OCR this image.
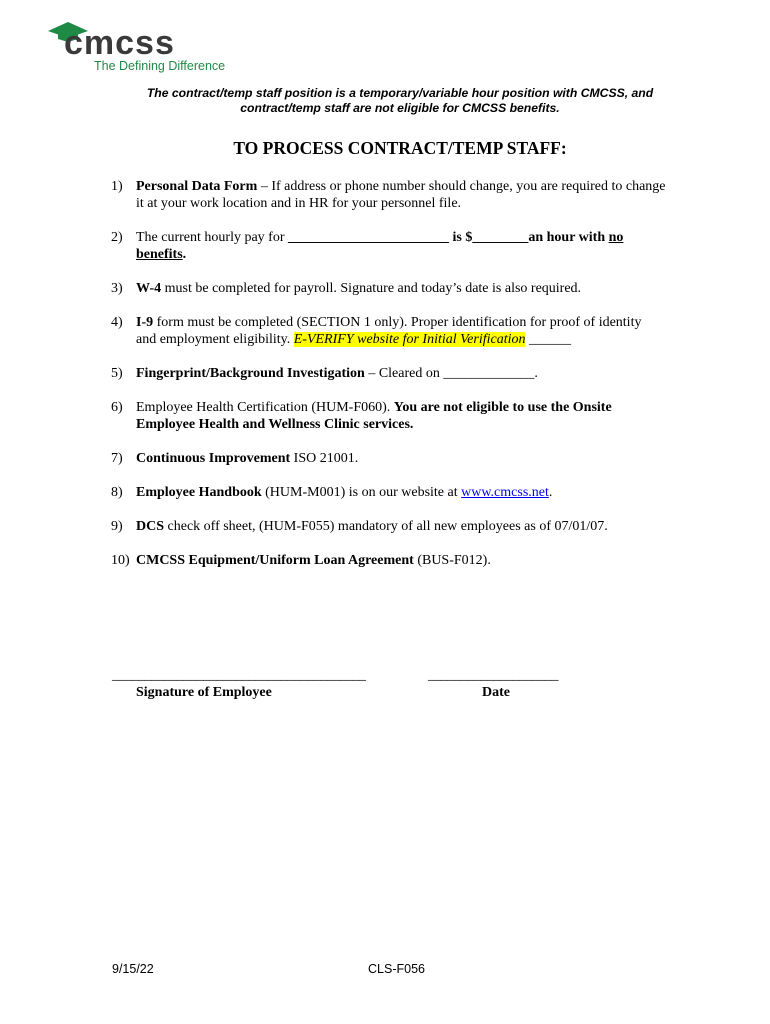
cmcss
The Defining Difference
The contract/temp staff position is a temporary/variable hour position with CMCSS, and
contract/temp staff are not eligible for CMCSS benefits.
TO PROCESS CONTRACT/TEMP STAFF:
1) Personal Data Form – If address or phone number should change, you are required to change
it at your work location and in HR for your personnel file.
2) The current hourly pay for _______________________ is $________an hour with no
benefits.
3) W-4 must be completed for payroll. Signature and today’s date is also required.
4) I-9 form must be completed (SECTION 1 only). Proper identification for proof of identity
and employment eligibility. E-VERIFY website for Initial Verification ______
5) Fingerprint/Background Investigation – Cleared on _____________.
6) Employee Health Certification (HUM-F060). You are not eligible to use the Onsite
Employee Health and Wellness Clinic services.
7) Continuous Improvement ISO 21001.
8) Employee Handbook (HUM-M001) is on our website at www.cmcss.net.
9) DCS check off sheet, (HUM-F055) mandatory of all new employees as of 07/01/07.
10) CMCSS Equipment/Uniform Loan Agreement (BUS-F012).
_______________________________________	____________________
Signature of Employee	Date
9/15/22	CLS-F056
